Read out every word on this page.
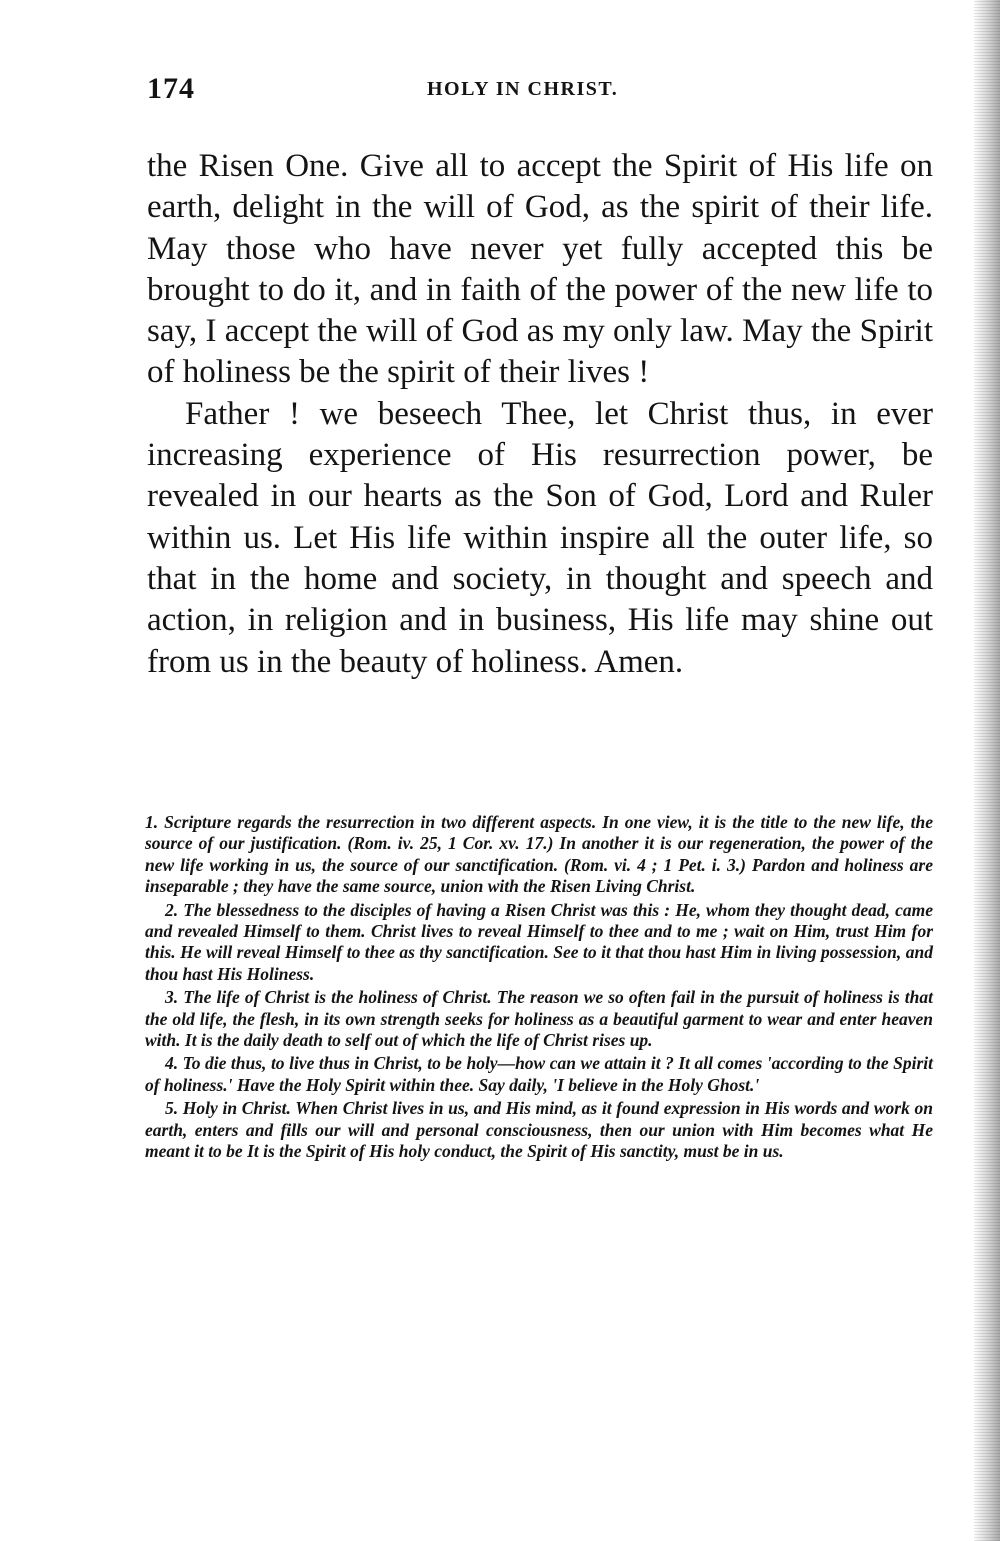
174	HOLY IN CHRIST.

the Risen One. Give all to accept the Spirit of His life on earth, delight in the will of God, as the spirit of their life. May those who have never yet fully accepted this be brought to do it, and in faith of the power of the new life to say, I accept the will of God as my only law. May the Spirit of holiness be the spirit of their lives !

Father ! we beseech Thee, let Christ thus, in ever increasing experience of His resurrection power, be revealed in our hearts as the Son of God, Lord and Ruler within us. Let His life within inspire all the outer life, so that in the home and society, in thought and speech and action, in religion and in business, His life may shine out from us in the beauty of holiness. Amen.

1. Scripture regards the resurrection in two different aspects. In one view, it is the title to the new life, the source of our justification. (Rom. iv. 25, 1 Cor. xv. 17.) In another it is our regeneration, the power of the new life working in us, the source of our sanctification. (Rom. vi. 4 ; 1 Pet. i. 3.) Pardon and holiness are inseparable ; they have the same source, union with the Risen Living Christ.

2. The blessedness to the disciples of having a Risen Christ was this : He, whom they thought dead, came and revealed Himself to them. Christ lives to reveal Himself to thee and to me ; wait on Him, trust Him for this. He will reveal Himself to thee as thy sanctification. See to it that thou hast Him in living possession, and thou hast His Holiness.

3. The life of Christ is the holiness of Christ. The reason we so often fail in the pursuit of holiness is that the old life, the flesh, in its own strength seeks for holiness as a beautiful garment to wear and enter heaven with. It is the daily death to self out of which the life of Christ rises up.

4. To die thus, to live thus in Christ, to be holy—how can we attain it ? It all comes 'according to the Spirit of holiness.' Have the Holy Spirit within thee. Say daily, 'I believe in the Holy Ghost.'

5. Holy in Christ. When Christ lives in us, and His mind, as it found expression in His words and work on earth, enters and fills our will and personal consciousness, then our union with Him becomes what He meant it to be It is the Spirit of His holy conduct, the Spirit of His sanctity, must be in us.
